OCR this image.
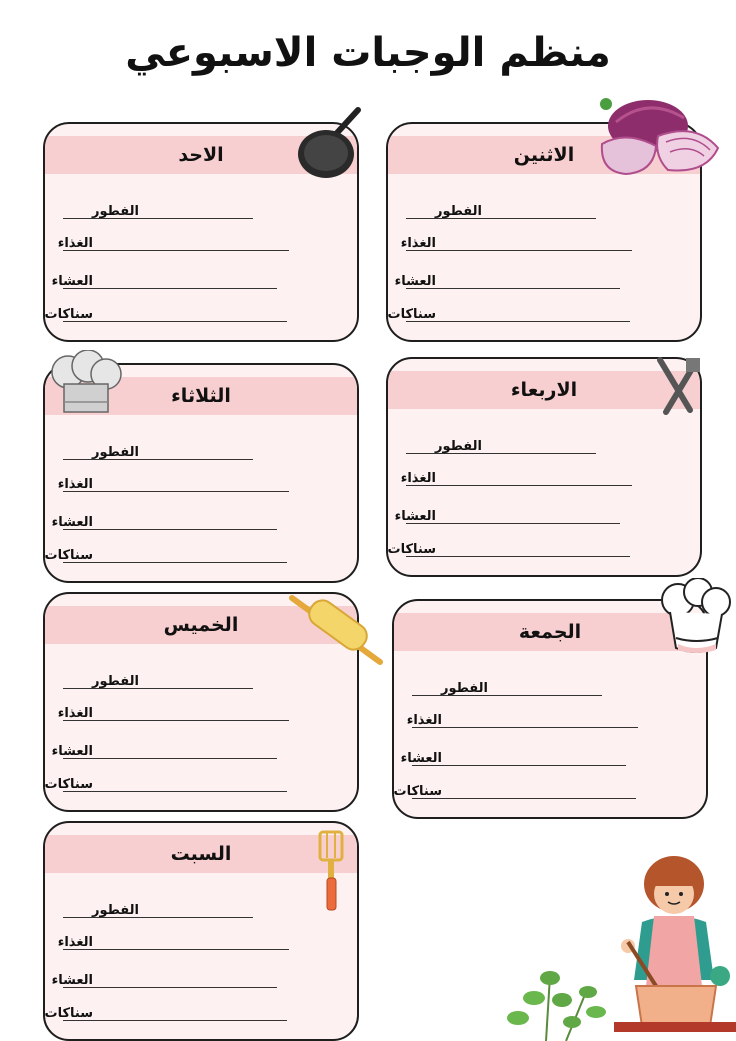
منظم الوجبات الاسبوعي
الاثنين
الفطور
الغذاء
العشاء
سناكات
الاحد
الفطور
الغذاء
العشاء
سناكات
الاربعاء
الفطور
الغذاء
العشاء
سناكات
الثلاثاء
الفطور
الغذاء
العشاء
سناكات
الجمعة
الفطور
الغذاء
العشاء
سناكات
الخميس
الفطور
الغذاء
العشاء
سناكات
السبت
الفطور
الغذاء
العشاء
سناكات
